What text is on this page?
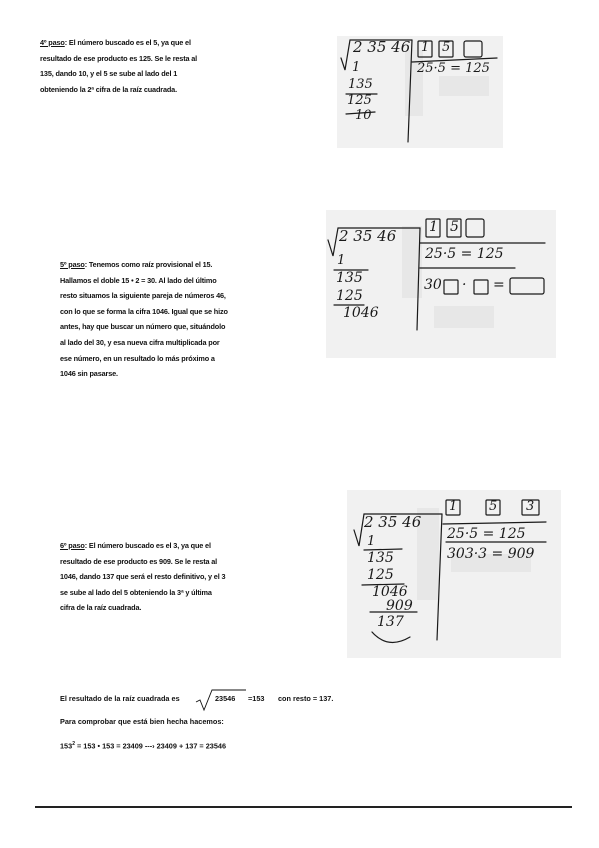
4º paso: El número buscado es el 5, ya que el
resultado de ese producto es 125. Se le resta al
135, dando 10, y el 5 se sube al lado del 1
obteniendo la 2ª cifra de la raíz cuadrada.
5º paso: Tenemos como raíz provisional el 15.
Hallamos el doble 15 • 2 = 30. Al lado del último
resto situamos la siguiente pareja de números 46,
con lo que se forma la cifra 1046. Igual que se hizo
antes, hay que buscar un número que, situándolo
al lado del 30, y esa nueva cifra multiplicada por
ese número, en un resultado lo más próximo a
1046 sin pasarse.
6º paso: El número buscado es el 3, ya que el
resultado de ese producto es 909. Se le resta al
1046, dando 137 que será el resto definitivo, y el 3
se sube al lado del 5 obteniendo la 3ª y última
cifra de la raíz cuadrada.
2 35 46 1 5
25·5 = 125
1
135
125
10
2 35 46 1 5
25·5 = 125
30 · =
1
135
125
1046
2 35 46
1 5 3
25·5 = 125
303·3 = 909
1
135
125
1046
909
137
El resultado de la raíz cuadrada es	23546 =153 con resto = 137.
Para comprobar que está bien hecha hacemos:
$153^2 = 153$ • 153 = 23409 ---› 23409 + 137 = 23546
